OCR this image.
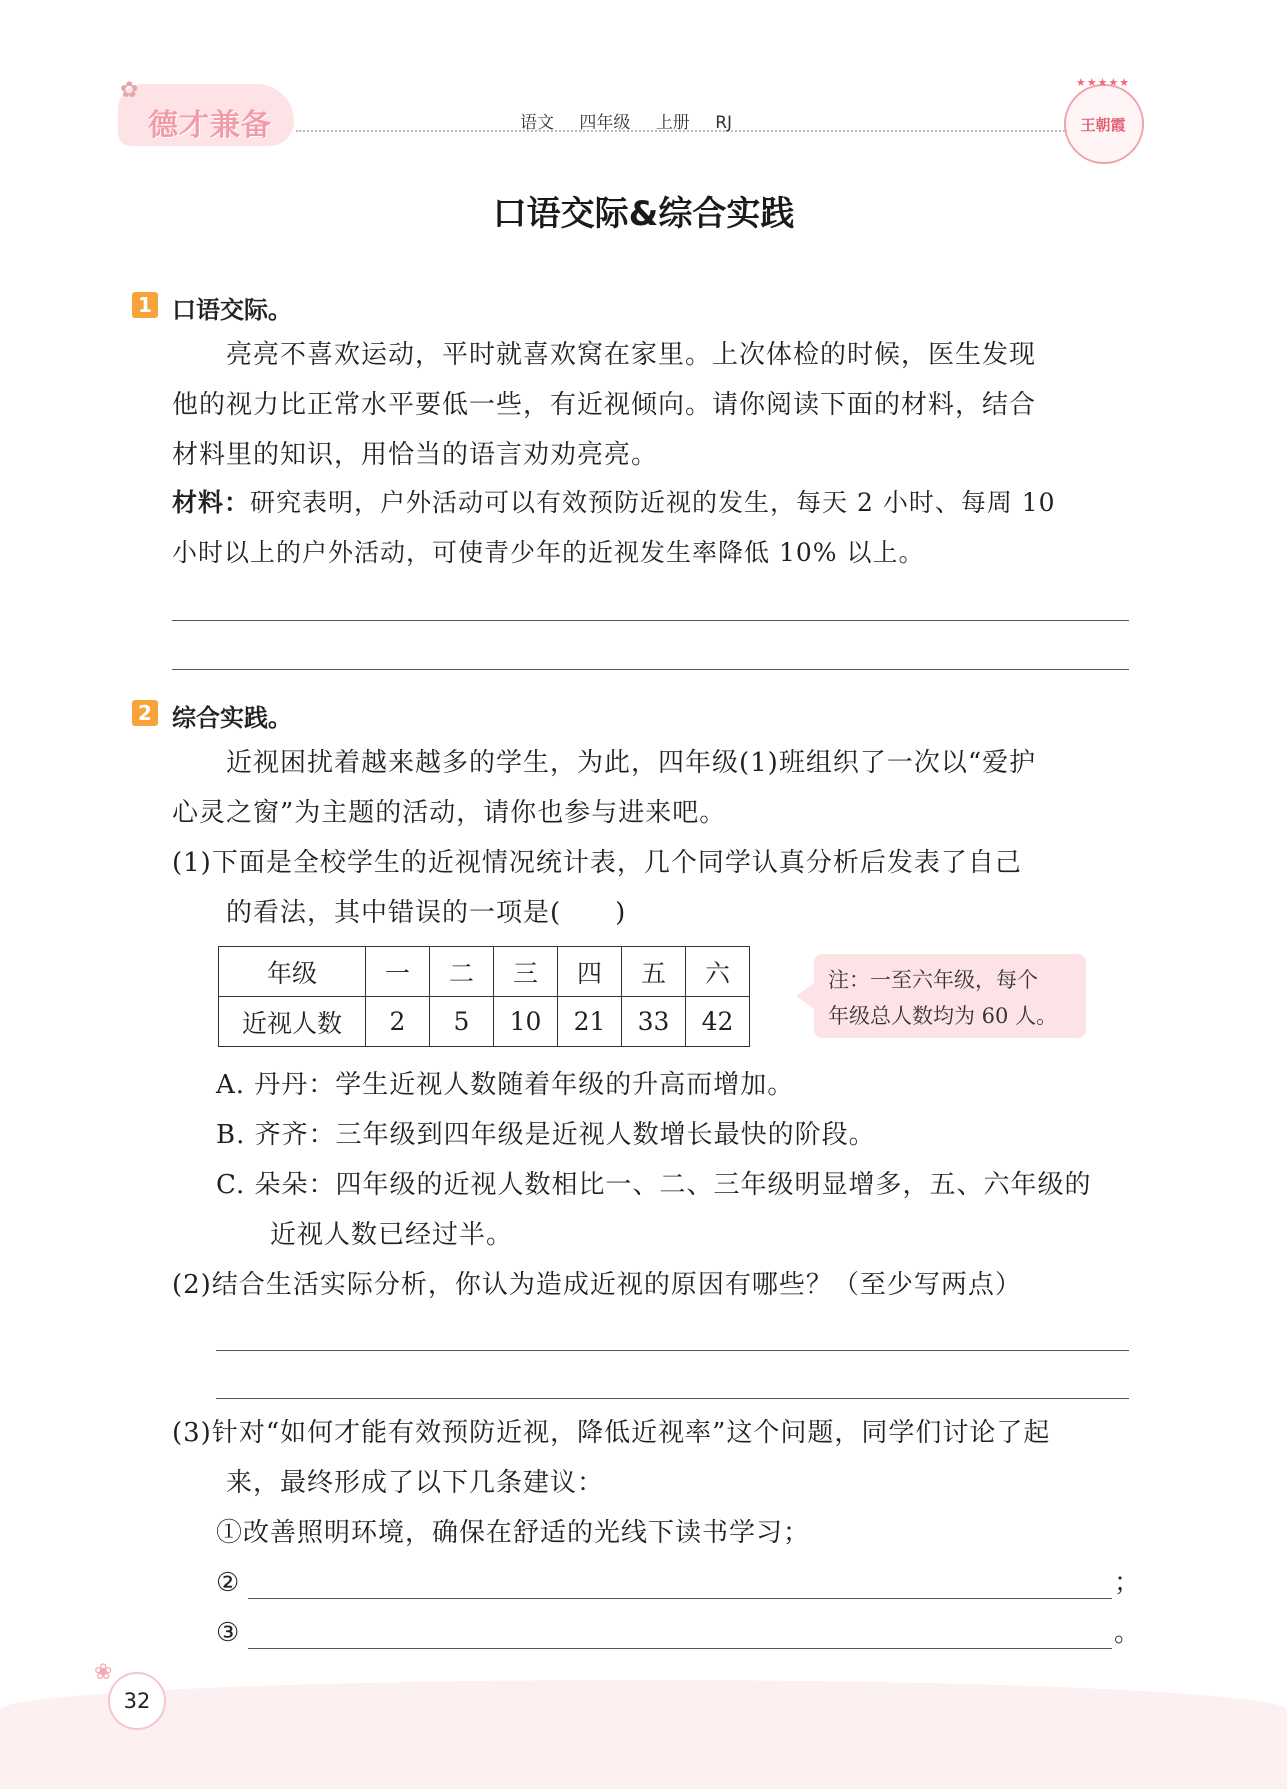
✿
德才兼备	语文 四年级 上册 RJ
★★★★★
王朝霞
口语交际&综合实践
1 口语交际。
　　亮亮不喜欢运动，平时就喜欢窝在家里。上次体检的时候，医生发现
他的视力比正常水平要低一些，有近视倾向。请你阅读下面的材料，结合
材料里的知识，用恰当的语言劝劝亮亮。
材料：研究表明，户外活动可以有效预防近视的发生，每天 2 小时、每周 10
小时以上的户外活动，可使青少年的近视发生率降低 10% 以上。
2 综合实践。
　　近视困扰着越来越多的学生，为此，四年级(1)班组织了一次以“爱护
心灵之窗”为主题的活动，请你也参与进来吧。
(1)下面是全校学生的近视情况统计表，几个同学认真分析后发表了自己
　　的看法，其中错误的一项是(　　)
年级	一	二	三	四	五	六
近视人数	2	5	10	21	33	42
注：一至六年级，每个
年级总人数均为 60 人。
A. 丹丹：学生近视人数随着年级的升高而增加。
B. 齐齐：三年级到四年级是近视人数增长最快的阶段。
C. 朵朵：四年级的近视人数相比一、二、三年级明显增多，五、六年级的
　　近视人数已经过半。
(2)结合生活实际分析，你认为造成近视的原因有哪些？（至少写两点）
(3)针对“如何才能有效预防近视，降低近视率”这个问题，同学们讨论了起
　　来，最终形成了以下几条建议：
①改善照明环境，确保在舒适的光线下读书学习；
②	；
③	。
❀
32
